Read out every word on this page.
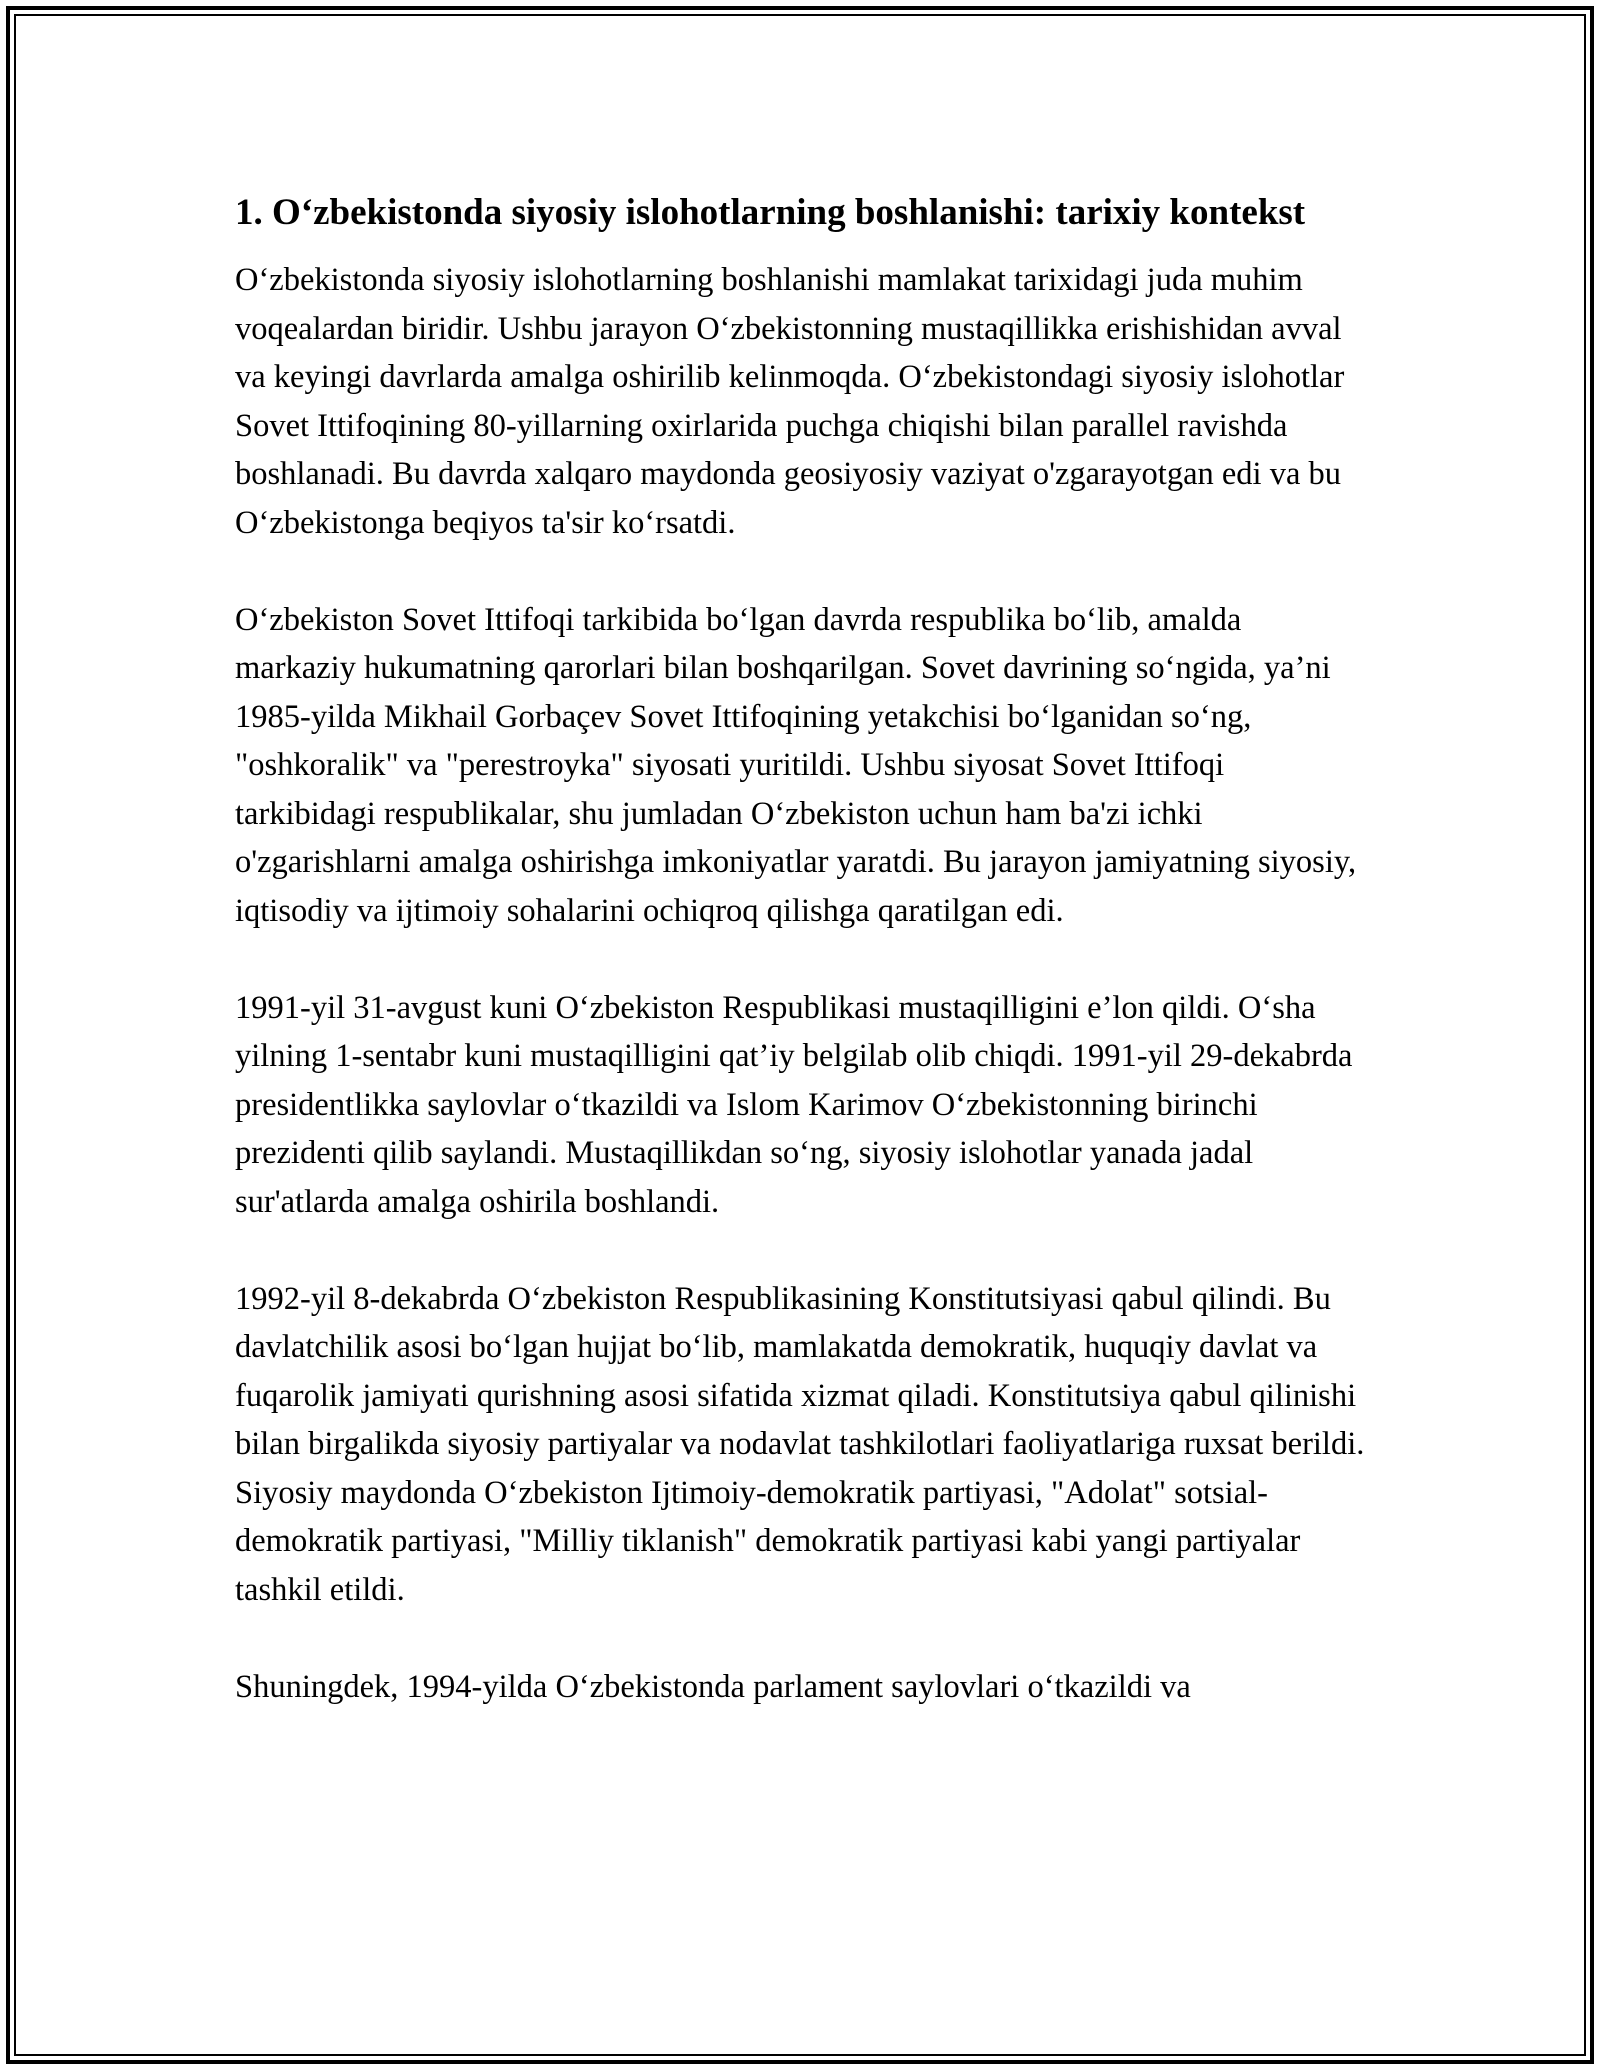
1. O‘zbekistonda siyosiy islohotlarning boshlanishi: tarixiy kontekst

O‘zbekistonda siyosiy islohotlarning boshlanishi mamlakat tarixidagi juda muhim voqealardan biridir. Ushbu jarayon O‘zbekistonning mustaqillikka erishishidan avval va keyingi davrlarda amalga oshirilib kelinmoqda. O‘zbekistondagi siyosiy islohotlar Sovet Ittifoqining 80-yillarning oxirlarida puchga chiqishi bilan parallel ravishda boshlanadi. Bu davrda xalqaro maydonda geosiyosiy vaziyat o'zgarayotgan edi va bu O‘zbekistonga beqiyos ta'sir ko‘rsatdi.

O‘zbekiston Sovet Ittifoqi tarkibida bo‘lgan davrda respublika bo‘lib, amalda markaziy hukumatning qarorlari bilan boshqarilgan. Sovet davrining so‘ngida, ya’ni 1985-yilda Mikhail Gorbaçev Sovet Ittifoqining yetakchisi bo‘lganidan so‘ng, "oshkoralik" va "perestroyka" siyosati yuritildi. Ushbu siyosat Sovet Ittifoqi tarkibidagi respublikalar, shu jumladan O‘zbekiston uchun ham ba'zi ichki o'zgarishlarni amalga oshirishga imkoniyatlar yaratdi. Bu jarayon jamiyatning siyosiy, iqtisodiy va ijtimoiy sohalarini ochiqroq qilishga qaratilgan edi.

1991-yil 31-avgust kuni O‘zbekiston Respublikasi mustaqilligini e’lon qildi. O‘sha yilning 1-sentabr kuni mustaqilligini qat’iy belgilab olib chiqdi. 1991-yil 29-dekabrda presidentlikka saylovlar o‘tkazildi va Islom Karimov O‘zbekistonning birinchi prezidenti qilib saylandi. Mustaqillikdan so‘ng, siyosiy islohotlar yanada jadal sur'atlarda amalga oshirila boshlandi.

1992-yil 8-dekabrda O‘zbekiston Respublikasining Konstitutsiyasi qabul qilindi. Bu davlatchilik asosi bo‘lgan hujjat bo‘lib, mamlakatda demokratik, huquqiy davlat va fuqarolik jamiyati qurishning asosi sifatida xizmat qiladi. Konstitutsiya qabul qilinishi bilan birgalikda siyosiy partiyalar va nodavlat tashkilotlari faoliyatlariga ruxsat berildi. Siyosiy maydonda O‘zbekiston Ijtimoiy-demokratik partiyasi, "Adolat" sotsial-demokratik partiyasi, "Milliy tiklanish" demokratik partiyasi kabi yangi partiyalar tashkil etildi.

Shuningdek, 1994-yilda O‘zbekistonda parlament saylovlari o‘tkazildi va
